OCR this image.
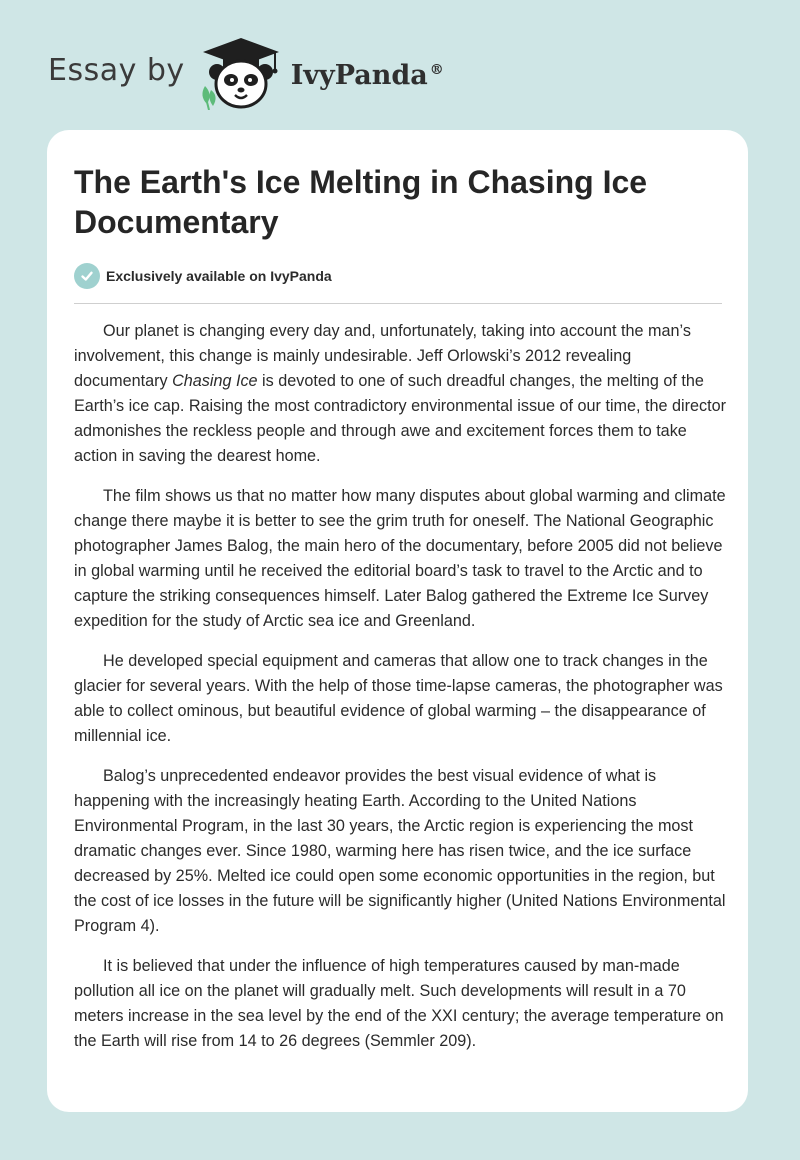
Essay by	IvyPanda ®
The Earth's Ice Melting in Chasing Ice Documentary
Exclusively available on IvyPanda

Our planet is changing every day and, unfortunately, taking into account the man’s involvement, this change is mainly undesirable. Jeff Orlowski’s 2012 revealing documentary Chasing Ice is devoted to one of such dreadful changes, the melting of the Earth’s ice cap. Raising the most contradictory environmental issue of our time, the director admonishes the reckless people and through awe and excitement forces them to take action in saving the dearest home.

The film shows us that no matter how many disputes about global warming and climate change there maybe it is better to see the grim truth for oneself. The National Geographic photographer James Balog, the main hero of the documentary, before 2005 did not believe in global warming until he received the editorial board’s task to travel to the Arctic and to capture the striking consequences himself. Later Balog gathered the Extreme Ice Survey expedition for the study of Arctic sea ice and Greenland.

He developed special equipment and cameras that allow one to track changes in the glacier for several years. With the help of those time-lapse cameras, the photographer was able to collect ominous, but beautiful evidence of global warming – the disappearance of millennial ice.

Balog’s unprecedented endeavor provides the best visual evidence of what is happening with the increasingly heating Earth. According to the United Nations Environmental Program, in the last 30 years, the Arctic region is experiencing the most dramatic changes ever. Since 1980, warming here has risen twice, and the ice surface decreased by 25%. Melted ice could open some economic opportunities in the region, but the cost of ice losses in the future will be significantly higher (United Nations Environmental Program 4).

It is believed that under the influence of high temperatures caused by man-made pollution all ice on the planet will gradually melt. Such developments will result in a 70 meters increase in the sea level by the end of the XXI century; the average temperature on the Earth will rise from 14 to 26 degrees (Semmler 209).
